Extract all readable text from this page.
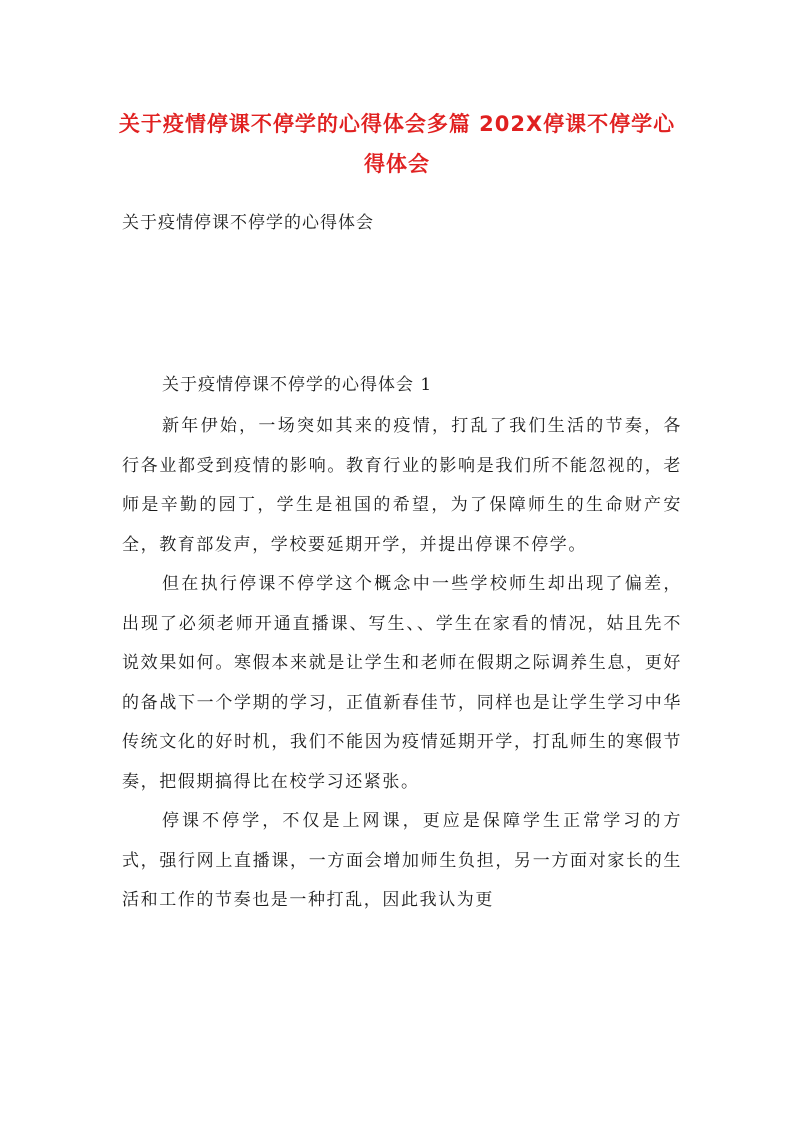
关于疫情停课不停学的心得体会多篇 202X停课不停学心得体会

关于疫情停课不停学的心得体会

关于疫情停课不停学的心得体会 1

新年伊始，一场突如其来的疫情，打乱了我们生活的节奏，各行各业都受到疫情的影响。教育行业的影响是我们所不能忽视的，老师是辛勤的园丁，学生是祖国的希望，为了保障师生的生命财产安全，教育部发声，学校要延期开学，并提出停课不停学。

但在执行停课不停学这个概念中一些学校师生却出现了偏差，出现了必须老师开通直播课、写生、、学生在家看的情况，姑且先不说效果如何。寒假本来就是让学生和老师在假期之际调养生息，更好的备战下一个学期的学习，正值新春佳节，同样也是让学生学习中华传统文化的好时机，我们不能因为疫情延期开学，打乱师生的寒假节奏，把假期搞得比在校学习还紧张。

停课不停学，不仅是上网课，更应是保障学生正常学习的方式，强行网上直播课，一方面会增加师生负担，另一方面对家长的生活和工作的节奏也是一种打乱，因此我认为更
